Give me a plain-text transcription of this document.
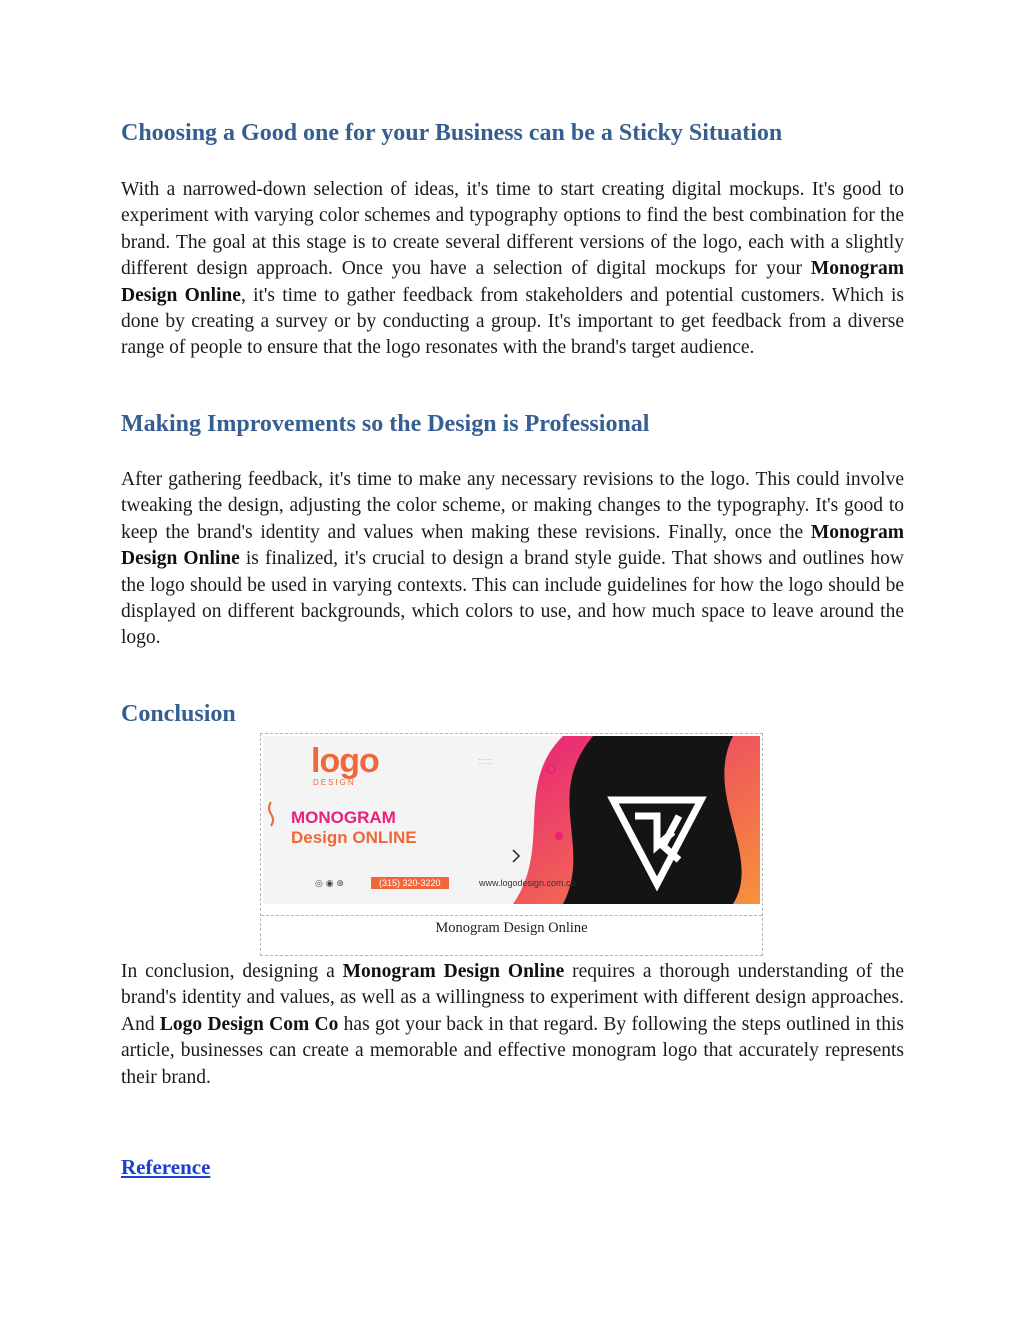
Choosing a Good one for your Business can be a Sticky Situation

With a narrowed-down selection of ideas, it's time to start creating digital mockups. It's good to experiment with varying color schemes and typography options to find the best combination for the brand. The goal at this stage is to create several different versions of the logo, each with a slightly different design approach. Once you have a selection of digital mockups for your Monogram Design Online, it's time to gather feedback from stakeholders and potential customers. Which is done by creating a survey or by conducting a group. It's important to get feedback from a diverse range of people to ensure that the logo resonates with the brand's target audience.

Making Improvements so the Design is Professional

After gathering feedback, it's time to make any necessary revisions to the logo. This could involve tweaking the design, adjusting the color scheme, or making changes to the typography. It's good to keep the brand's identity and values when making these revisions. Finally, once the Monogram Design Online is finalized, it's crucial to design a brand style guide. That shows and outlines how the logo should be used in varying contexts. This can include guidelines for how the logo should be displayed on different backgrounds, which colors to use, and how much space to leave around the logo.

Conclusion
::::::
logo
DESIGN
MONOGRAM
Design ONLINE
◎ ◉ ⊛	(315) 320-3220	www.logodesign.com.co
Monogram Design Online

In conclusion, designing a Monogram Design Online requires a thorough understanding of the brand's identity and values, as well as a willingness to experiment with different design approaches. And Logo Design Com Co has got your back in that regard. By following the steps outlined in this article, businesses can create a memorable and effective monogram logo that accurately represents their brand.

Reference
